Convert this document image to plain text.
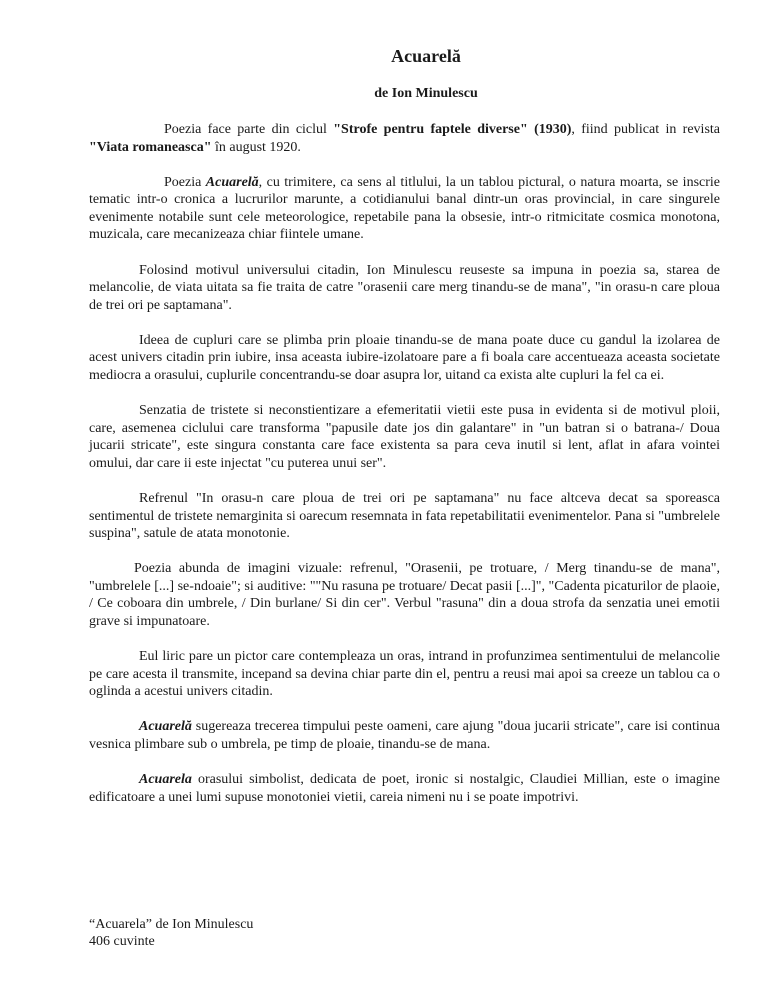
Acuarelă
de Ion Minulescu

Poezia face parte din ciclul "Strofe pentru faptele diverse" (1930), fiind publicat in revista "Viata romaneasca" în august 1920.

Poezia Acuarelă, cu trimitere, ca sens al titlului, la un tablou pictural, o natura moarta, se inscrie tematic intr-o cronica a lucrurilor marunte, a cotidianului banal dintr-un oras provincial, in care singurele evenimente notabile sunt cele meteorologice, repetabile pana la obsesie, intr-o ritmicitate cosmica monotona, muzicala, care mecanizeaza chiar fiintele umane.

Folosind motivul universului citadin, Ion Minulescu reuseste sa impuna in poezia sa, starea de melancolie, de viata uitata sa fie traita de catre "orasenii care merg tinandu-se de mana", "in orasu-n care ploua de trei ori pe saptamana".

Ideea de cupluri care se plimba prin ploaie tinandu-se de mana poate duce cu gandul la izolarea de acest univers citadin prin iubire, insa aceasta iubire-izolatoare pare a fi boala care accentueaza aceasta societate mediocra a orasului, cuplurile concentrandu-se doar asupra lor, uitand ca exista alte cupluri la fel ca ei.

Senzatia de tristete si neconstientizare a efemeritatii vietii este pusa in evidenta si de motivul ploii, care, asemenea ciclului care transforma "papusile date jos din galantare" in "un batran si o batrana-/ Doua jucarii stricate", este singura constanta care face existenta sa para ceva inutil si lent, aflat in afara vointei omului, dar care ii este injectat "cu puterea unui ser".

Refrenul "In orasu-n care ploua de trei ori pe saptamana" nu face altceva decat sa sporeasca sentimentul de tristete nemarginita si oarecum resemnata in fata repetabilitatii evenimentelor. Pana si "umbrelele suspina", satule de atata monotonie.

Poezia abunda de imagini vizuale: refrenul, "Orasenii, pe trotuare, / Merg tinandu-se de mana", "umbrelele [...] se-ndoaie"; si auditive: ""Nu rasuna pe trotuare/ Decat pasii [...]", "Cadenta picaturilor de plaoie, / Ce coboara din umbrele, / Din burlane/ Si din cer". Verbul "rasuna" din a doua strofa da senzatia unei emotii grave si impunatoare.

Eul liric pare un pictor care contempleaza un oras, intrand in profunzimea sentimentului de melancolie pe care acesta il transmite, incepand sa devina chiar parte din el, pentru a reusi mai apoi sa creeze un tablou ca o oglinda a acestui univers citadin.

Acuarelă sugereaza trecerea timpului peste oameni, care ajung "doua jucarii stricate", care isi continua vesnica plimbare sub o umbrela, pe timp de ploaie, tinandu-se de mana.

Acuarela orasului simbolist, dedicata de poet, ironic si nostalgic, Claudiei Millian, este o imagine edificatoare a unei lumi supuse monotoniei vietii, careia nimeni nu i se poate impotrivi.

“Acuarela” de Ion Minulescu
406 cuvinte
